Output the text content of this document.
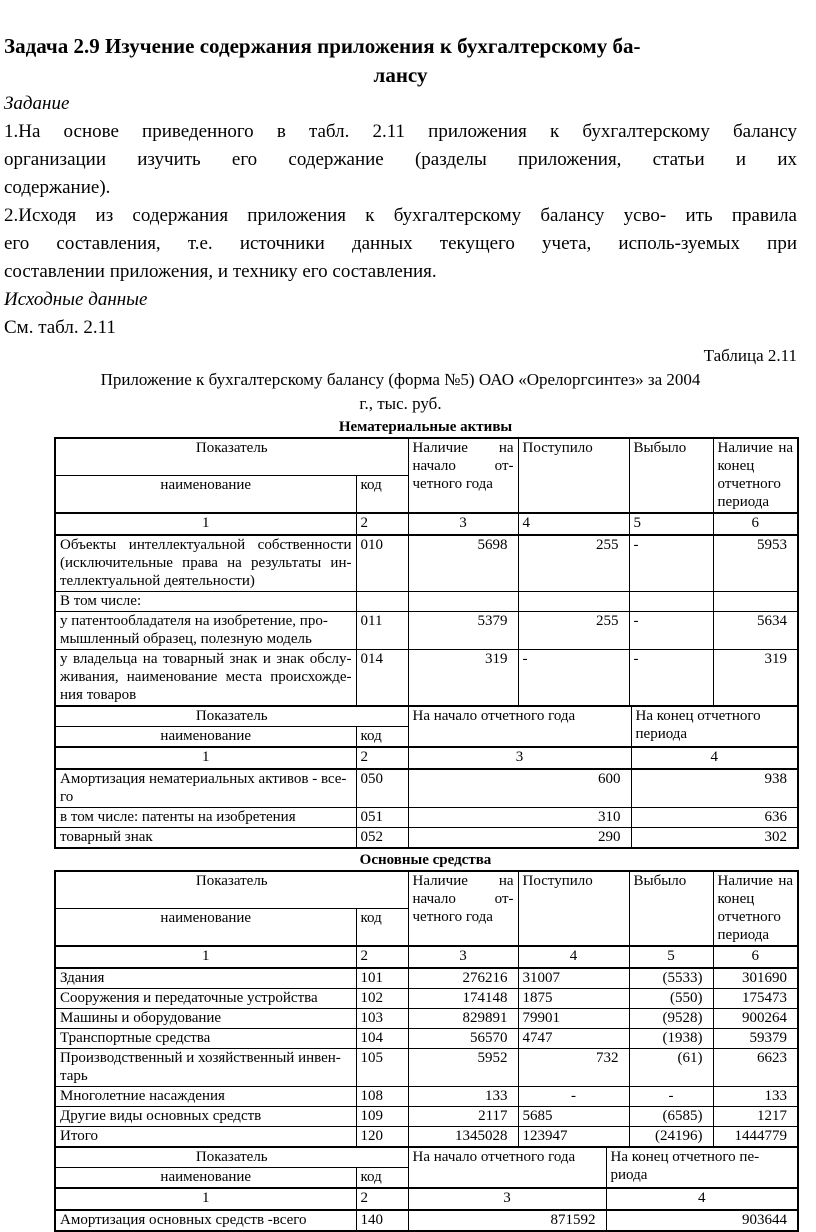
Задача 2.9 Изучение содержания приложения к бухгалтерскому ба-
лансу

Задание

1.На основе приведенного в табл. 2.11 приложения к бухгалтерскому балансу
организации изучить его содержание (разделы приложения, статьи и их
содержание).

2.Исходя из содержания приложения к бухгалтерскому балансу усво- ить правила
его составления, т.е. источники данных текущего учета, исполь-зуемых при
составлении приложения, и технику его составления.

Исходные данные

См. табл. 2.11

Таблица 2.11
Приложение к бухгалтерскому балансу (форма №5) ОАО «Орелоргсинтез» за 2004
г., тыс. руб.
Нематериальные активы
Показатель		Наличие на начало от-четного года	Поступило	Выбыло	Наличие на конец отчетного периода
наименование	код				
1	2	3	4	5	6
Объекты интеллектуальной собственности (исключительные права на результаты ин-теллектуальной деятельности)	010	5698	255	-	5953
В том числе:					
у патентообладателя на изобретение, про-мышленный образец, полезную модель	011	5379	255	-	5634
у владельца на товарный знак и знак обслу-живания, наименование места происхожде-ния товаров	014	319	-	-	319
Показатель		На начало отчетного года	На конец отчетного периода
наименование	код		
1	2	3	4
Амортизация нематериальных активов - все-го	050	600	938
в том числе: патенты на изобретения	051	310	636
товарный знак	052	290	302
Основные средства
Показатель		Наличие на начало от-четного года	Поступило	Выбыло	Наличие на конец отчетного периода
наименование	код				
1	2	3	4	5	6
Здания	101	276216	31007	(5533)	301690
Сооружения и передаточные устройства	102	174148	1875	(550)	175473
Машины и оборудование	103	829891	79901	(9528)	900264
Транспортные средства	104	56570	4747	(1938)	59379
Производственный и хозяйственный инвен-тарь	105	5952	732	(61)	6623
Многолетние насаждения	108	133	-	-	133
Другие виды основных средств	109	2117	5685	(6585)	1217
Итого	120	1345028	123947	(24196)	1444779
Показатель		На начало отчетного года	На конец отчетного пе-риода
наименование	код		
1	2	3	4
Амортизация основных средств -всего	140	871592	903644
